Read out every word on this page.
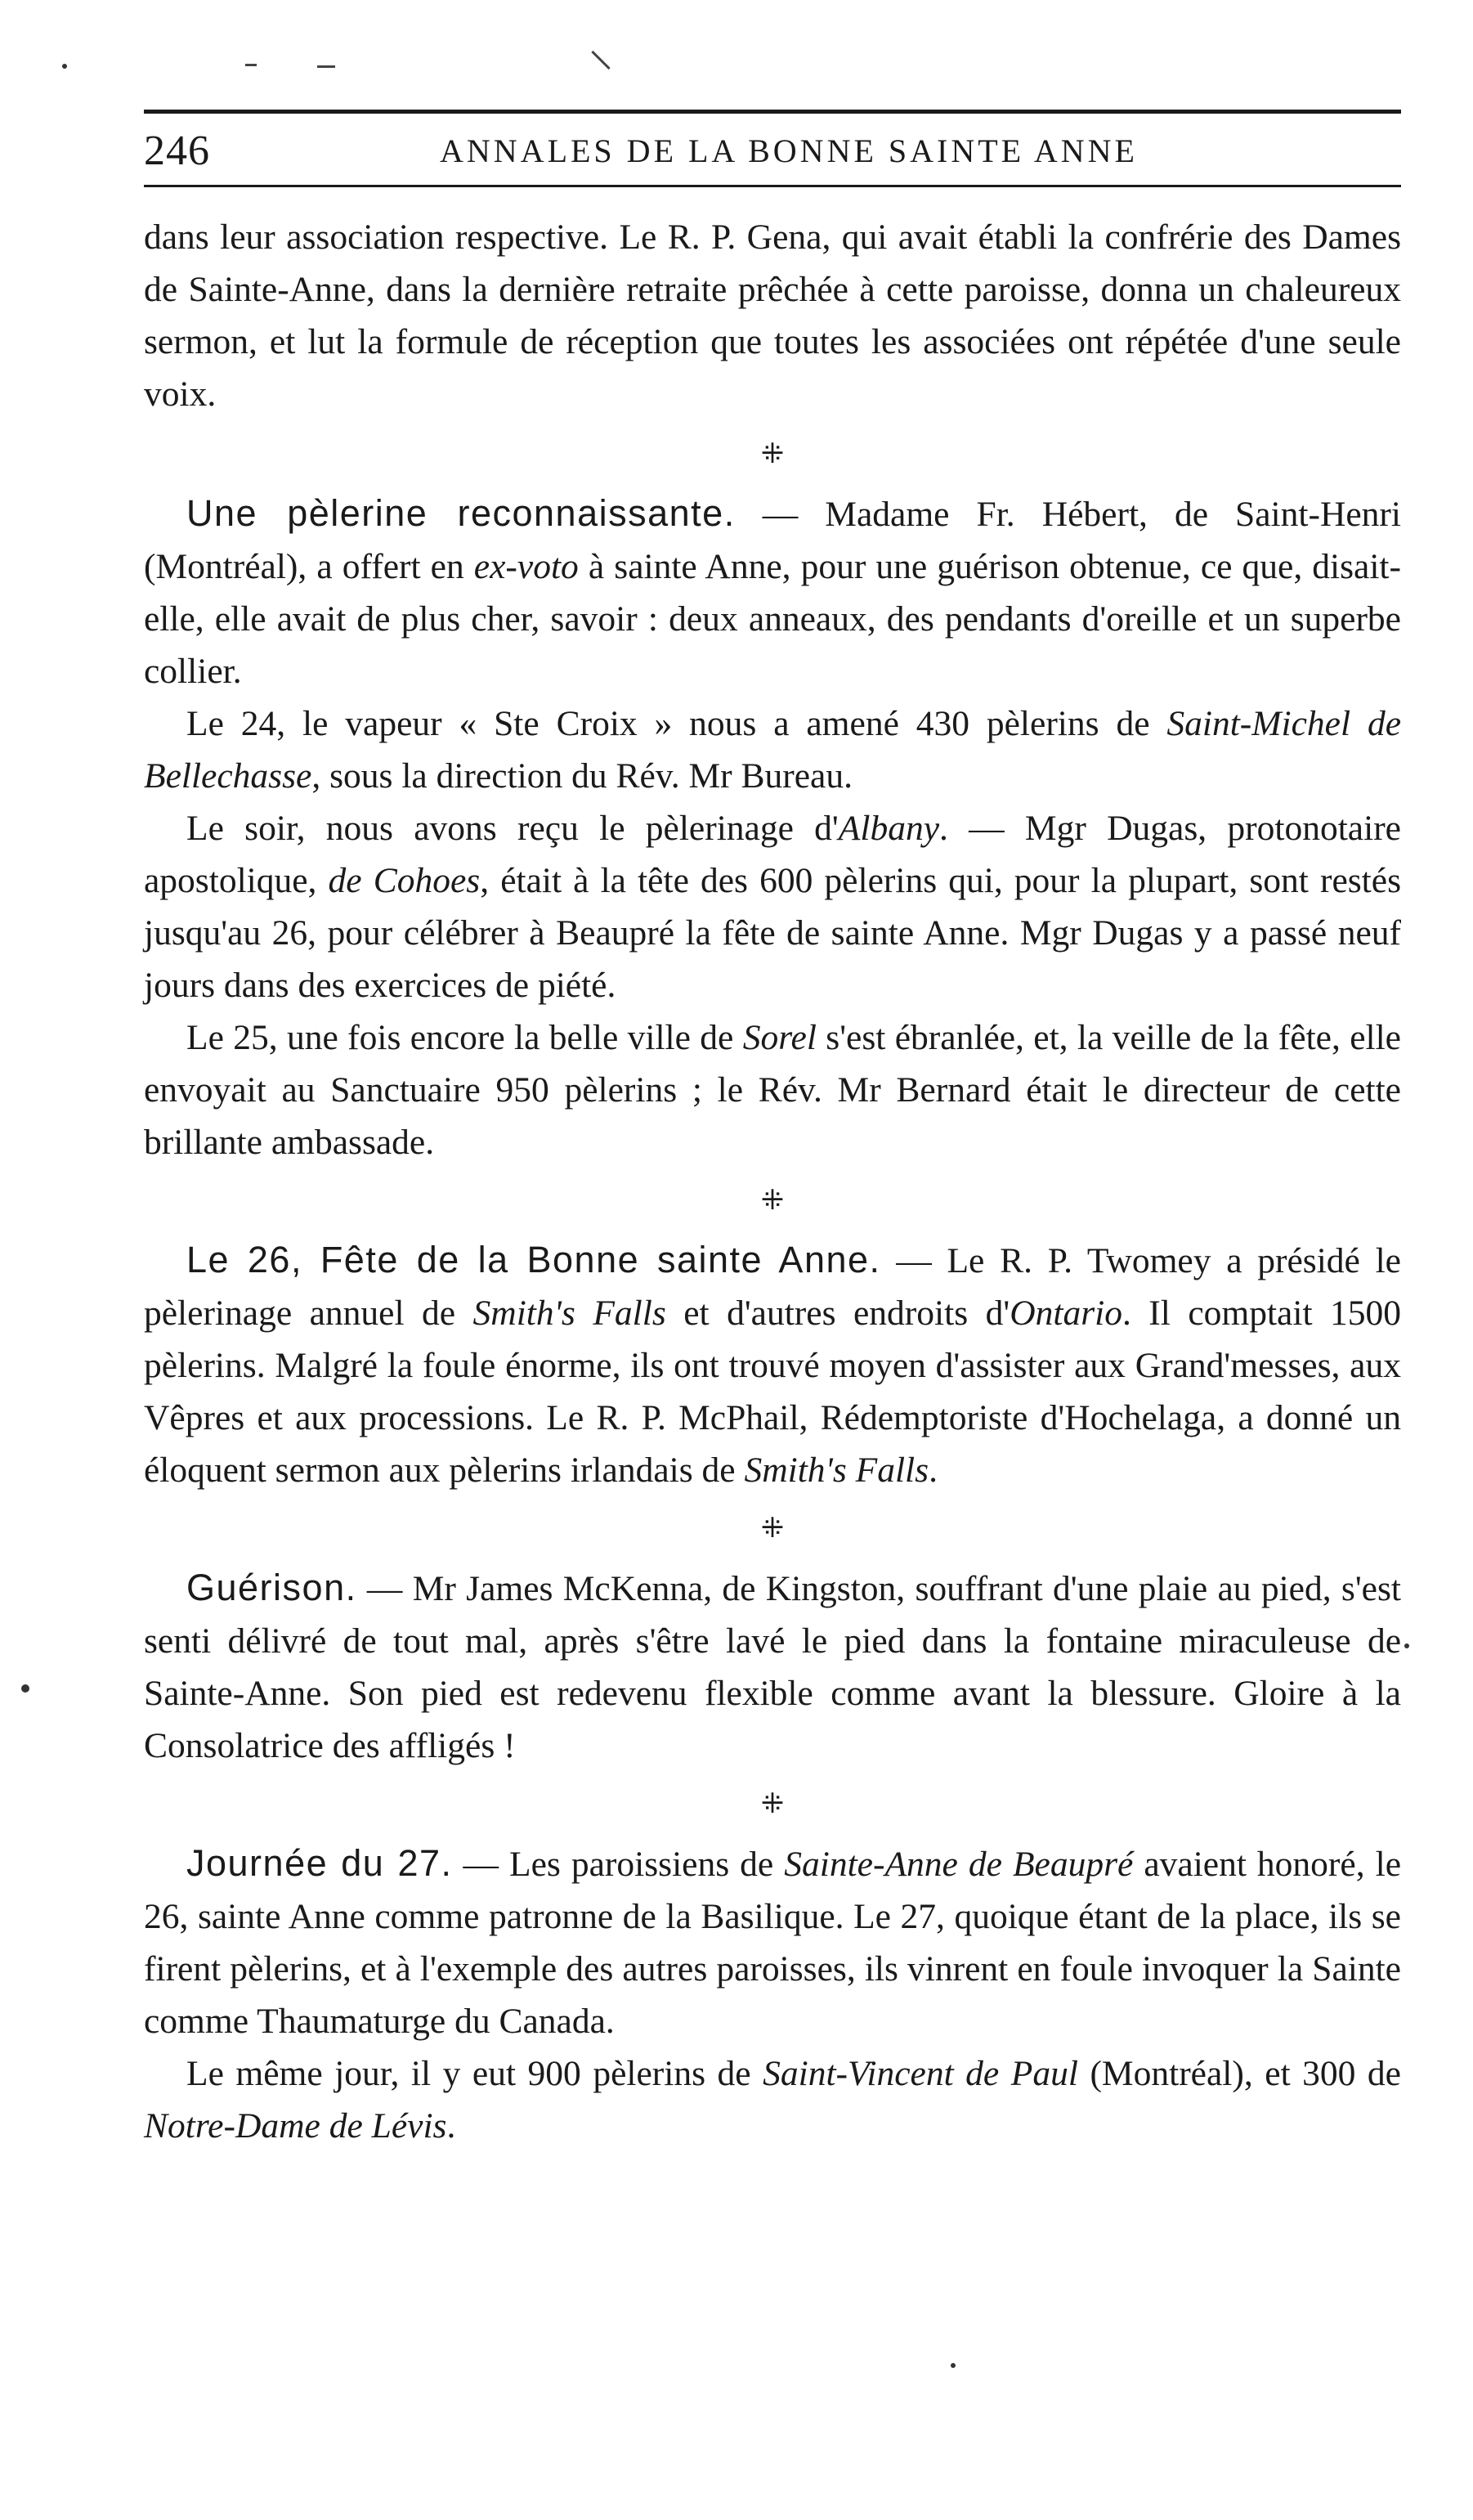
246	ANNALES DE LA BONNE SAINTE ANNE

dans leur association respective. Le R. P. Gena, qui avait établi la confrérie des Dames de Sainte-Anne, dans la dernière retraite prêchée à cette paroisse, donna un chaleureux sermon, et lut la formule de réception que toutes les associées ont répétée d'une seule voix.

⁜

Une pèlerine reconnaissante. — Madame Fr. Hébert, de Saint-Henri (Montréal), a offert en ex-voto à sainte Anne, pour une guérison obtenue, ce que, disait-elle, elle avait de plus cher, savoir : deux anneaux, des pendants d'oreille et un superbe collier.

Le 24, le vapeur « Ste Croix » nous a amené 430 pèlerins de Saint-Michel de Bellechasse, sous la direction du Rév. Mr Bureau.

Le soir, nous avons reçu le pèlerinage d'Albany. — Mgr Dugas, protonotaire apostolique, de Cohoes, était à la tête des 600 pèlerins qui, pour la plupart, sont restés jusqu'au 26, pour célébrer à Beaupré la fête de sainte Anne. Mgr Dugas y a passé neuf jours dans des exercices de piété.

Le 25, une fois encore la belle ville de Sorel s'est ébranlée, et, la veille de la fête, elle envoyait au Sanctuaire 950 pèlerins ; le Rév. Mr Bernard était le directeur de cette brillante ambassade.

⁜

Le 26, Fête de la Bonne sainte Anne. — Le R. P. Twomey a présidé le pèlerinage annuel de Smith's Falls et d'autres endroits d'Ontario. Il comptait 1500 pèlerins. Malgré la foule énorme, ils ont trouvé moyen d'assister aux Grand'messes, aux Vêpres et aux processions. Le R. P. McPhail, Rédemptoriste d'Hochelaga, a donné un éloquent sermon aux pèlerins irlandais de Smith's Falls.

⁜

Guérison. — Mr James McKenna, de Kingston, souffrant d'une plaie au pied, s'est senti délivré de tout mal, après s'être lavé le pied dans la fontaine miraculeuse de Sainte-Anne. Son pied est redevenu flexible comme avant la blessure. Gloire à la Consolatrice des affligés !

⁜

Journée du 27. — Les paroissiens de Sainte-Anne de Beaupré avaient honoré, le 26, sainte Anne comme patronne de la Basilique. Le 27, quoique étant de la place, ils se firent pèlerins, et à l'exemple des autres paroisses, ils vinrent en foule invoquer la Sainte comme Thaumaturge du Canada.

Le même jour, il y eut 900 pèlerins de Saint-Vincent de Paul (Montréal), et 300 de Notre-Dame de Lévis.
